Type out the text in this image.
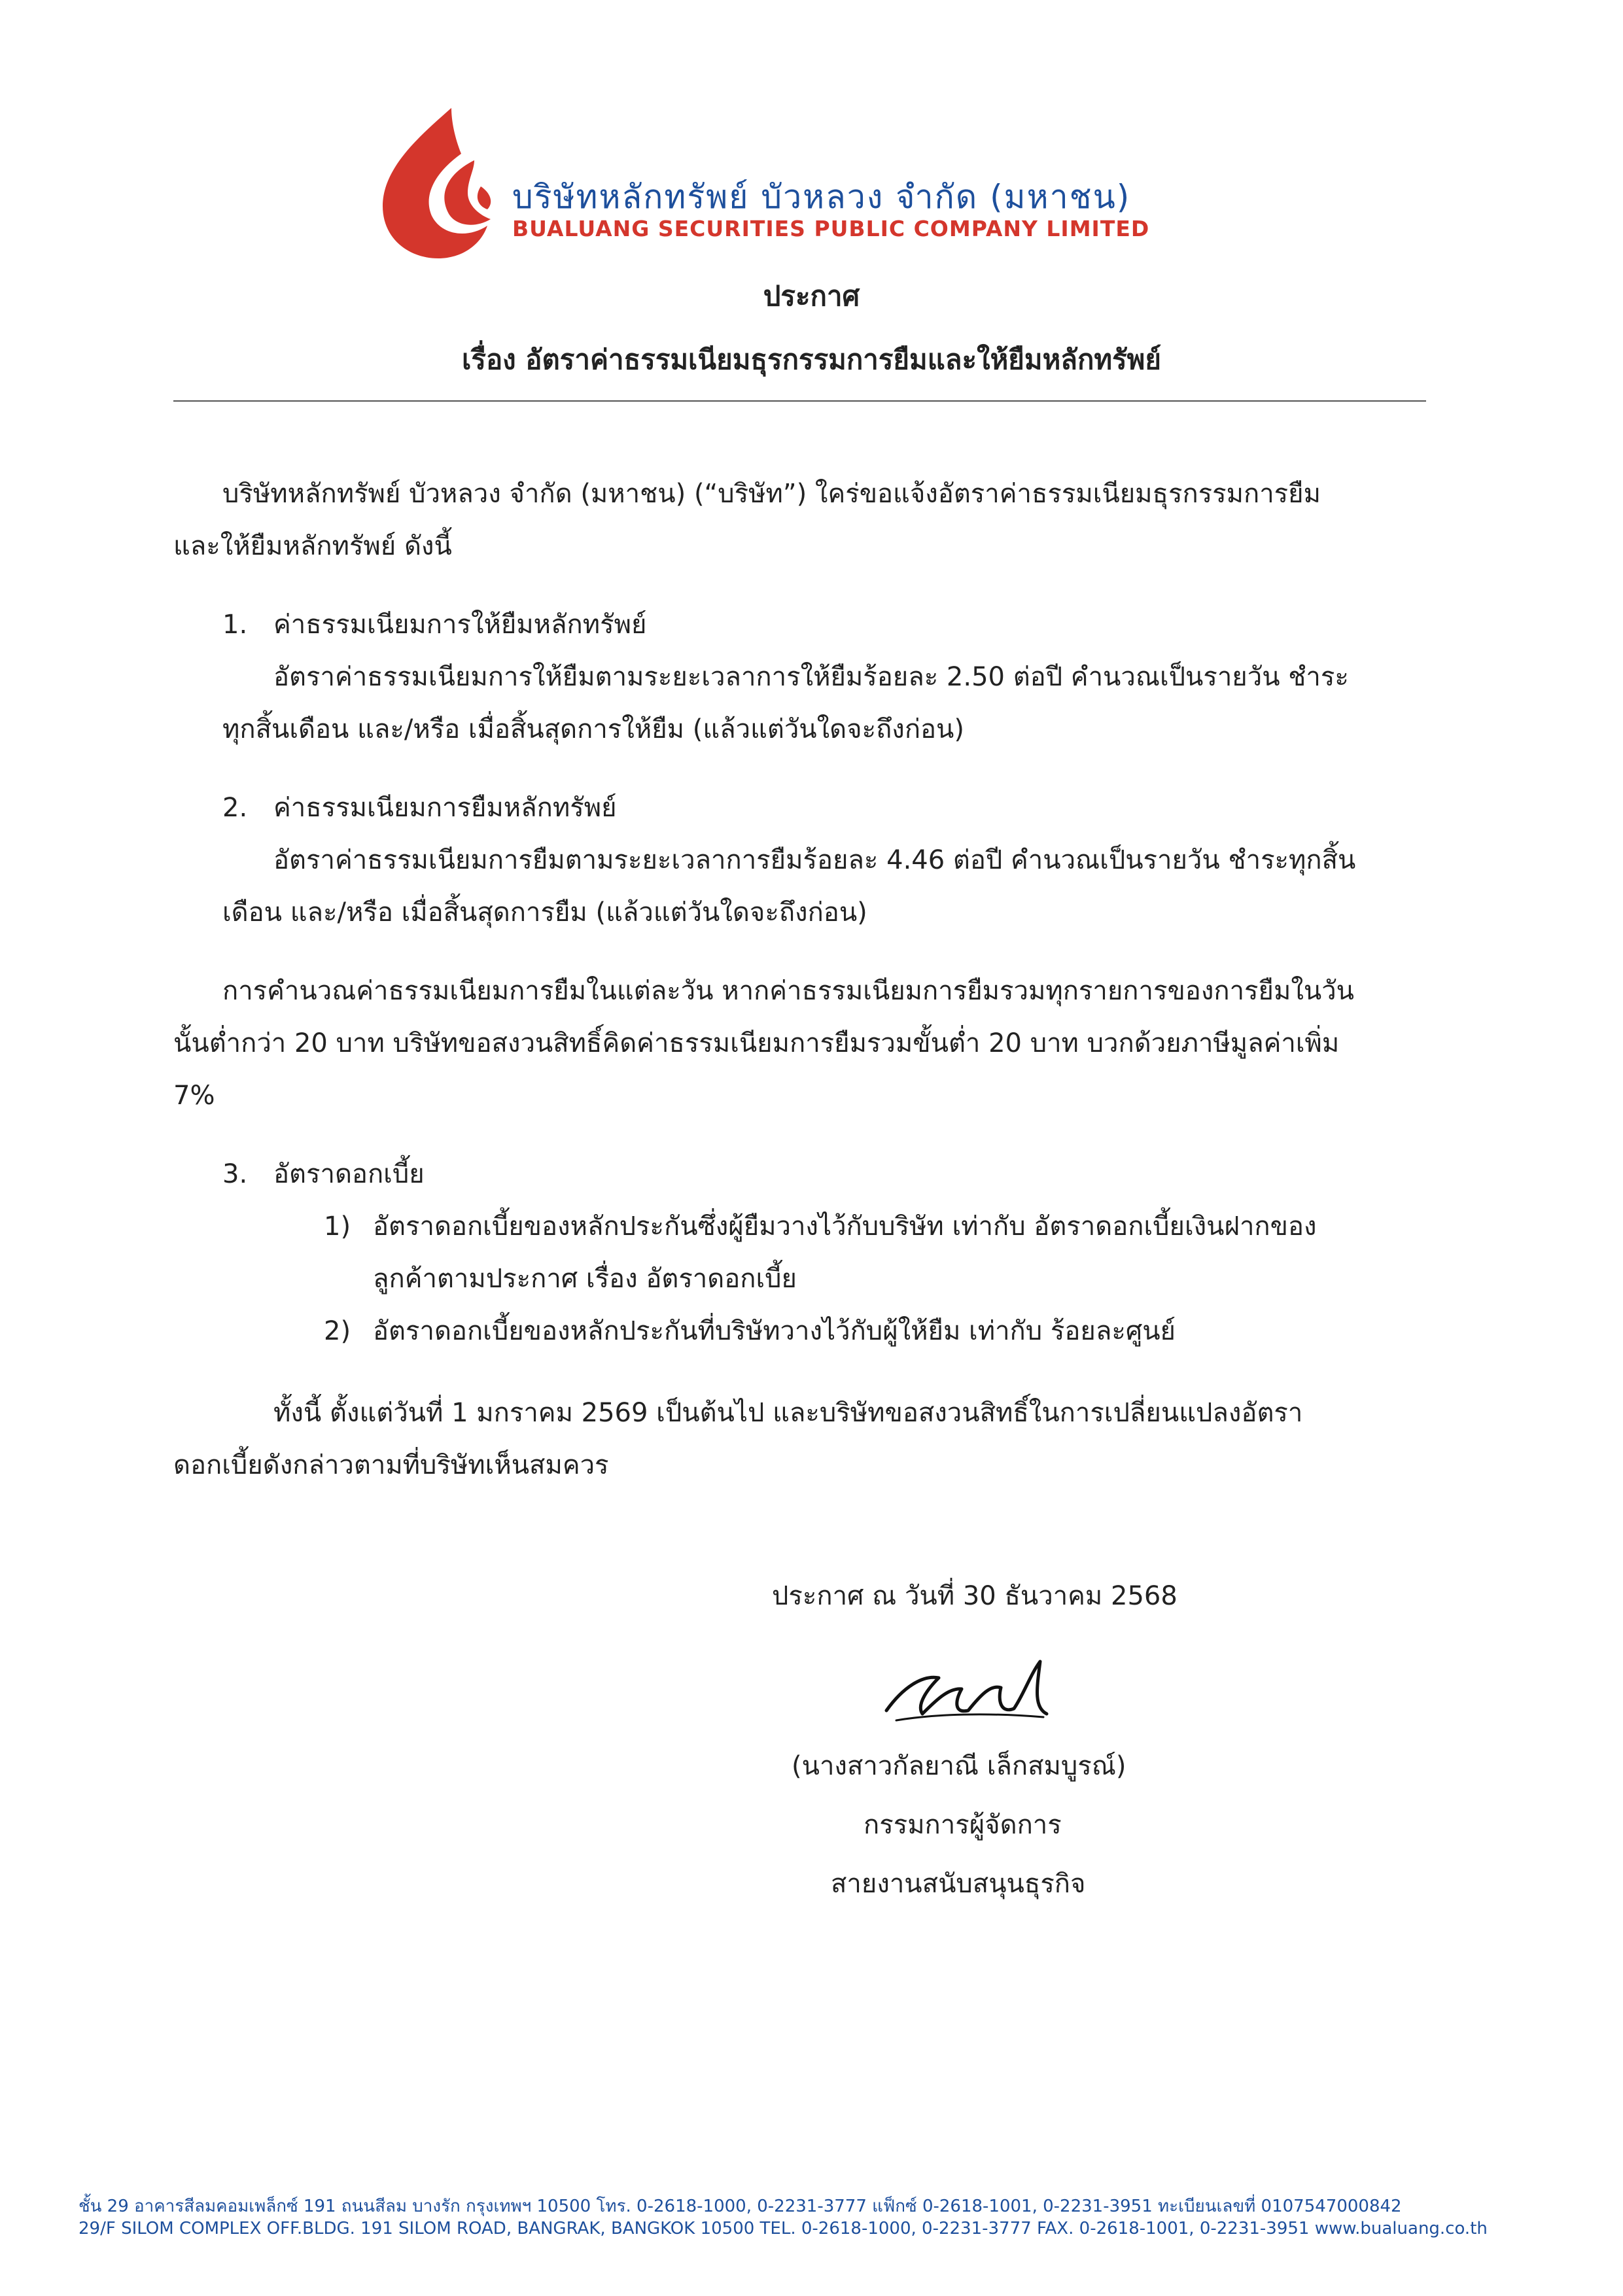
บริษัทหลักทรัพย์ บัวหลวง จำกัด (มหาชน)
BUALUANG SECURITIES PUBLIC COMPANY LIMITED
ประกาศ
เรื่อง อัตราค่าธรรมเนียมธุรกรรมการยืมและให้ยืมหลักทรัพย์
บริษัทหลักทรัพย์ บัวหลวง จำกัด (มหาชน) (“บริษัท”) ใคร่ขอแจ้งอัตราค่าธรรมเนียมธุรกรรมการยืม
และให้ยืมหลักทรัพย์ ดังนี้
1. ค่าธรรมเนียมการให้ยืมหลักทรัพย์
อัตราค่าธรรมเนียมการให้ยืมตามระยะเวลาการให้ยืมร้อยละ 2.50 ต่อปี คำนวณเป็นรายวัน ชำระ
ทุกสิ้นเดือน และ/หรือ เมื่อสิ้นสุดการให้ยืม (แล้วแต่วันใดจะถึงก่อน)
2. ค่าธรรมเนียมการยืมหลักทรัพย์
อัตราค่าธรรมเนียมการยืมตามระยะเวลาการยืมร้อยละ 4.46 ต่อปี คำนวณเป็นรายวัน ชำระทุกสิ้น
เดือน และ/หรือ เมื่อสิ้นสุดการยืม (แล้วแต่วันใดจะถึงก่อน)
การคำนวณค่าธรรมเนียมการยืมในแต่ละวัน หากค่าธรรมเนียมการยืมรวมทุกรายการของการยืมในวัน
นั้นต่ำกว่า 20 บาท บริษัทขอสงวนสิทธิ์คิดค่าธรรมเนียมการยืมรวมขั้นต่ำ 20 บาท บวกด้วยภาษีมูลค่าเพิ่ม
7%
3. อัตราดอกเบี้ย
1) อัตราดอกเบี้ยของหลักประกันซึ่งผู้ยืมวางไว้กับบริษัท เท่ากับ อัตราดอกเบี้ยเงินฝากของ
ลูกค้าตามประกาศ เรื่อง อัตราดอกเบี้ย
2) อัตราดอกเบี้ยของหลักประกันที่บริษัทวางไว้กับผู้ให้ยืม เท่ากับ ร้อยละศูนย์
ทั้งนี้ ตั้งแต่วันที่ 1 มกราคม 2569 เป็นต้นไป และบริษัทขอสงวนสิทธิ์ในการเปลี่ยนแปลงอัตรา
ดอกเบี้ยดังกล่าวตามที่บริษัทเห็นสมควร
ประกาศ ณ วันที่ 30 ธันวาคม 2568
(นางสาวกัลยาณี เล็กสมบูรณ์)
กรรมการผู้จัดการ
สายงานสนับสนุนธุรกิจ
ชั้น 29 อาคารสีลมคอมเพล็กซ์ 191 ถนนสีลม บางรัก กรุงเทพฯ 10500 โทร. 0-2618-1000, 0-2231-3777 แฟ็กซ์ 0-2618-1001, 0-2231-3951 ทะเบียนเลขที่ 0107547000842
29/F SILOM COMPLEX OFF.BLDG. 191 SILOM ROAD, BANGRAK, BANGKOK 10500 TEL. 0-2618-1000, 0-2231-3777 FAX. 0-2618-1001, 0-2231-3951 www.bualuang.co.th
